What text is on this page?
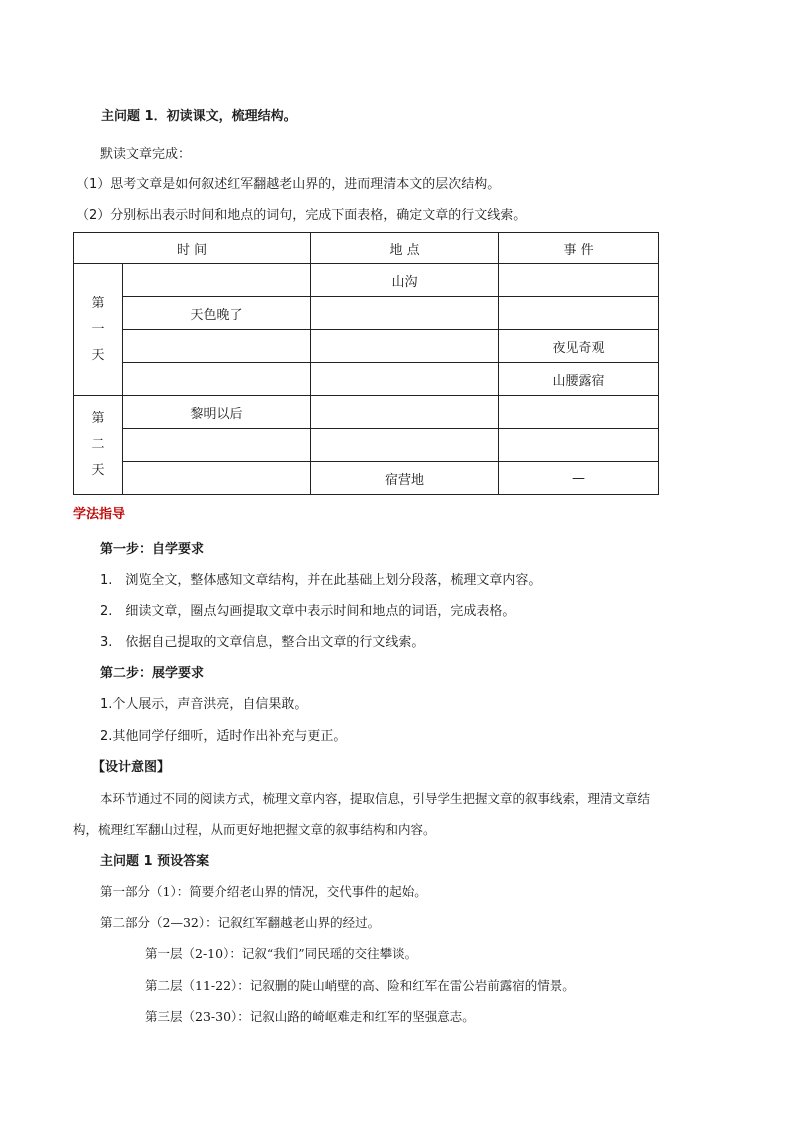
主问题 1．初读课文，梳理结构。
默读文章完成：
（1）思考文章是如何叙述红军翻越老山界的，进而理清本文的层次结构。
（2）分别标出表示时间和地点的词句，完成下面表格，确定文章的行文线索。
时 间		地 点	事 件

第
一
天		山沟	
	天色晚了		
			夜见奇观
			山腰露宿

第
二
天	黎明以后		

		宿营地	—
学法指导
第一步：自学要求
1.　浏览全文，整体感知文章结构，并在此基础上划分段落，梳理文章内容。
2.　细读文章，圈点勾画提取文章中表示时间和地点的词语，完成表格。
3.　依据自己提取的文章信息，整合出文章的行文线索。
第二步：展学要求
1.个人展示，声音洪亮，自信果敢。
2.其他同学仔细听，适时作出补充与更正。
【设计意图】
本环节通过不同的阅读方式，梳理文章内容，提取信息，引导学生把握文章的叙事线索，理清文章结
构，梳理红军翻山过程，从而更好地把握文章的叙事结构和内容。
主问题 1 预设答案
第一部分（1）：简要介绍老山界的情况，交代事件的起始。
第二部分（2—32）：记叙红军翻越老山界的经过。
第一层（2-10）：记叙“我们”同民瑶的交往攀谈。
第二层（11-22）：记叙删的陡山峭壁的高、险和红军在雷公岩前露宿的情景。
第三层（23-30）：记叙山路的崎岖难走和红军的坚强意志。
